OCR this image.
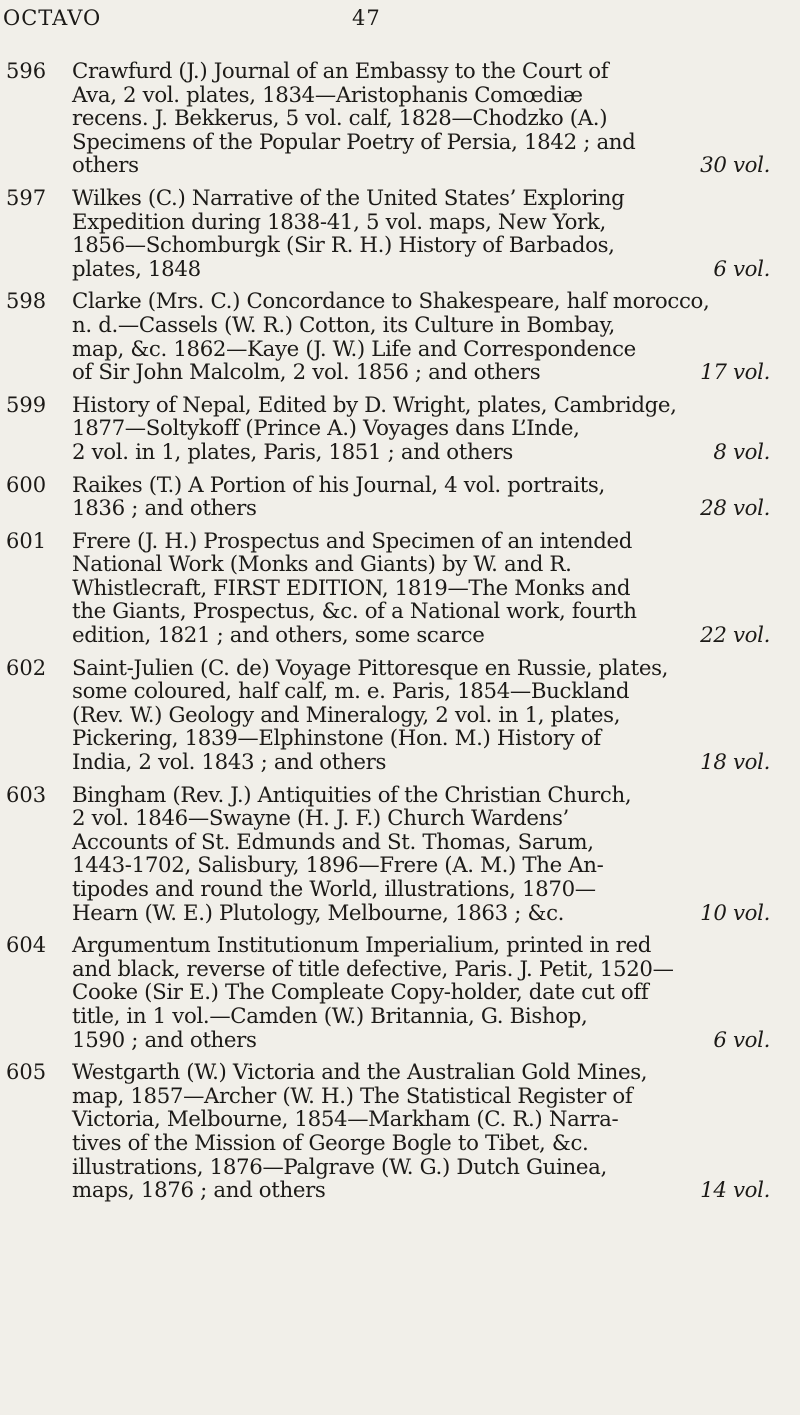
OCTAVO	47
596	Crawfurd (J.) Journal of an Embassy to the Court of
Ava, 2 vol. plates, 1834—Aristophanis Comœdiæ
recens. J. Bekkerus, 5 vol. calf, 1828—Chodzko (A.)
Specimens of the Popular Poetry of Persia, 1842 ; and
others	30 vol.
597	Wilkes (C.) Narrative of the United States’ Exploring
Expedition during 1838-41, 5 vol. maps, New York,
1856—Schomburgk (Sir R. H.) History of Barbados,
plates, 1848	6 vol.
598	Clarke (Mrs. C.) Concordance to Shakespeare, half morocco,
n. d.—Cassels (W. R.) Cotton, its Culture in Bombay,
map, &c. 1862—Kaye (J. W.) Life and Correspondence
of Sir John Malcolm, 2 vol. 1856 ; and others	17 vol.
599	History of Nepal, Edited by D. Wright, plates, Cambridge,
1877—Soltykoff (Prince A.) Voyages dans L’Inde,
2 vol. in 1, plates, Paris, 1851 ; and others	8 vol.
600	Raikes (T.) A Portion of his Journal, 4 vol. portraits,
1836 ; and others	28 vol.
601	Frere (J. H.) Prospectus and Specimen of an intended
National Work (Monks and Giants) by W. and R.
Whistlecraft, FIRST EDITION, 1819—The Monks and
the Giants, Prospectus, &c. of a National work, fourth
edition, 1821 ; and others, some scarce	22 vol.
602	Saint-Julien (C. de) Voyage Pittoresque en Russie, plates,
some coloured, half calf, m. e. Paris, 1854—Buckland
(Rev. W.) Geology and Mineralogy, 2 vol. in 1, plates,
Pickering, 1839—Elphinstone (Hon. M.) History of
India, 2 vol. 1843 ; and others	18 vol.
603	Bingham (Rev. J.) Antiquities of the Christian Church,
2 vol. 1846—Swayne (H. J. F.) Church Wardens’
Accounts of St. Edmunds and St. Thomas, Sarum,
1443-1702, Salisbury, 1896—Frere (A. M.) The An-
tipodes and round the World, illustrations, 1870—
Hearn (W. E.) Plutology, Melbourne, 1863 ; &c.	10 vol.
604	Argumentum Institutionum Imperialium, printed in red
and black, reverse of title defective, Paris. J. Petit, 1520—
Cooke (Sir E.) The Compleate Copy-holder, date cut off
title, in 1 vol.—Camden (W.) Britannia, G. Bishop,
1590 ; and others	6 vol.
605	Westgarth (W.) Victoria and the Australian Gold Mines,
map, 1857—Archer (W. H.) The Statistical Register of
Victoria, Melbourne, 1854—Markham (C. R.) Narra-
tives of the Mission of George Bogle to Tibet, &c.
illustrations, 1876—Palgrave (W. G.) Dutch Guinea,
maps, 1876 ; and others	14 vol.
